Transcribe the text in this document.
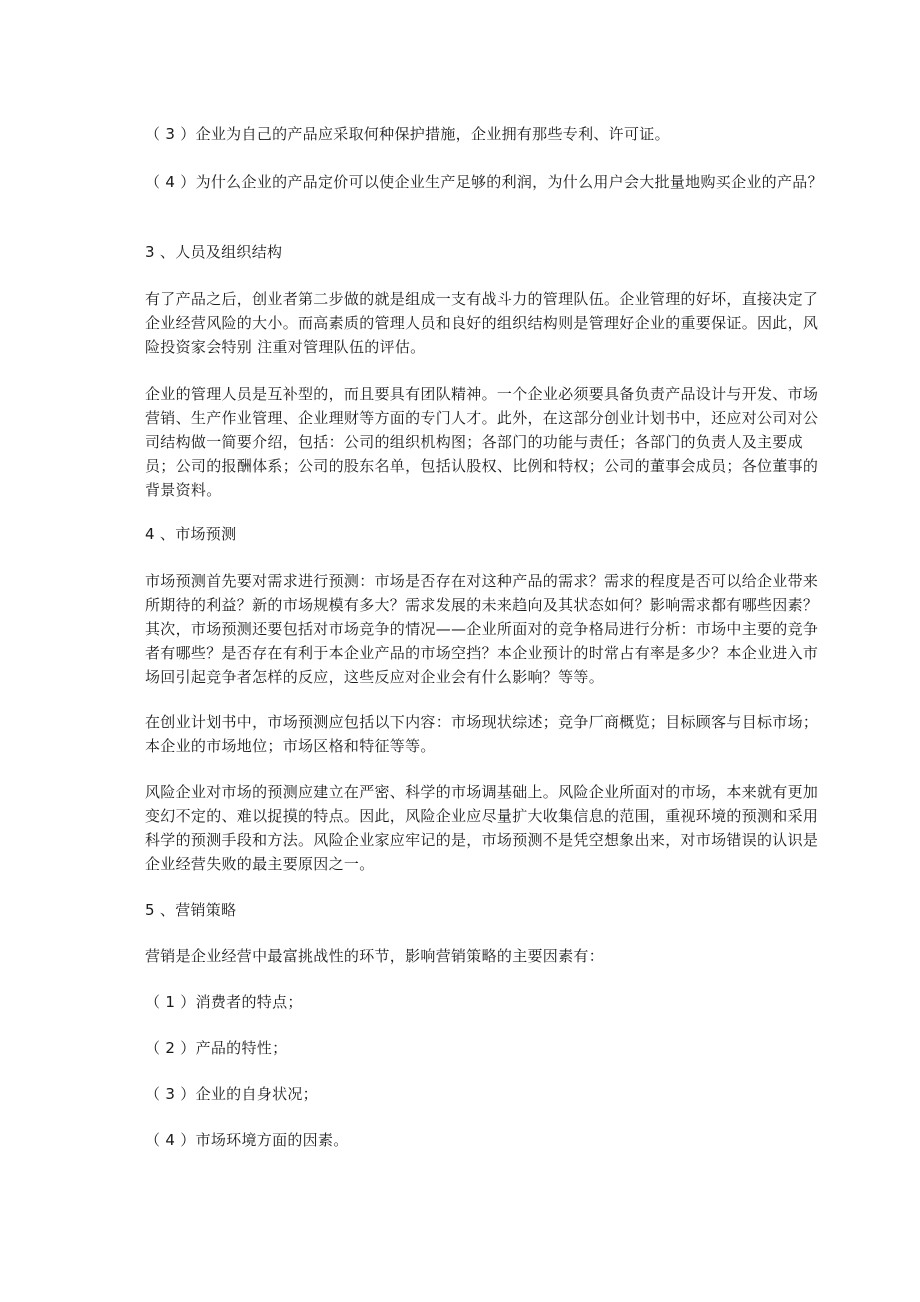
（ 3 ）企业为自己的产品应采取何种保护措施，企业拥有那些专利、许可证。

（ 4 ）为什么企业的产品定价可以使企业生产足够的利润，为什么用户会大批量地购买企业的产品？

3 、人员及组织结构

有了产品之后，创业者第二步做的就是组成一支有战斗力的管理队伍。企业管理的好坏，直接决定了企业经营风险的大小。而高素质的管理人员和良好的组织结构则是管理好企业的重要保证。因此，风险投资家会特别 注重对管理队伍的评估。

企业的管理人员是互补型的，而且要具有团队精神。一个企业必须要具备负责产品设计与开发、市场营销、生产作业管理、企业理财等方面的专门人才。此外，在这部分创业计划书中，还应对公司对公司结构做一简要介绍，包括：公司的组织机构图；各部门的功能与责任；各部门的负责人及主要成员；公司的报酬体系；公司的股东名单，包括认股权、比例和特权；公司的董事会成员；各位董事的背景资料。

4 、市场预测

市场预测首先要对需求进行预测：市场是否存在对这种产品的需求？需求的程度是否可以给企业带来所期待的利益？新的市场规模有多大？需求发展的未来趋向及其状态如何？影响需求都有哪些因素？其次，市场预测还要包括对市场竞争的情况——企业所面对的竞争格局进行分析：市场中主要的竞争者有哪些？是否存在有利于本企业产品的市场空挡？本企业预计的时常占有率是多少？本企业进入市场回引起竞争者怎样的反应，这些反应对企业会有什么影响？等等。

在创业计划书中，市场预测应包括以下内容：市场现状综述；竞争厂商概览；目标顾客与目标市场；本企业的市场地位；市场区格和特征等等。

风险企业对市场的预测应建立在严密、科学的市场调基础上。风险企业所面对的市场，本来就有更加变幻不定的、难以捉摸的特点。因此，风险企业应尽量扩大收集信息的范围，重视环境的预测和采用科学的预测手段和方法。风险企业家应牢记的是，市场预测不是凭空想象出来，对市场错误的认识是企业经营失败的最主要原因之一。

5 、营销策略

营销是企业经营中最富挑战性的环节，影响营销策略的主要因素有：

（ 1 ）消费者的特点；

（ 2 ）产品的特性；

（ 3 ）企业的自身状况；

（ 4 ）市场环境方面的因素。
